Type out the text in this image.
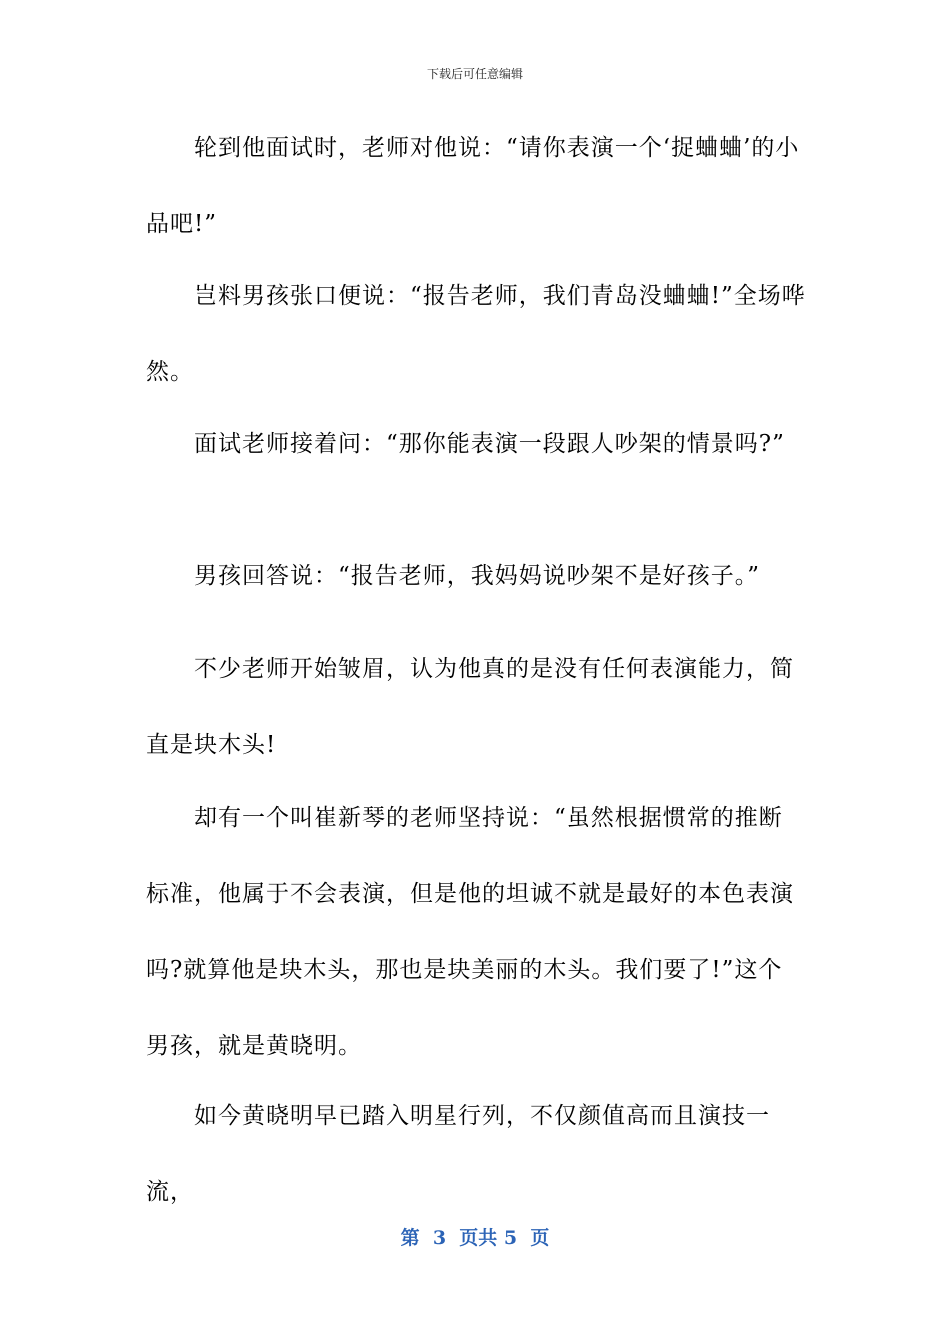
下载后可任意编辑

轮到他面试时，老师对他说：“请你表演一个‘捉蛐蛐’的小品吧!”

岂料男孩张口便说：“报告老师，我们青岛没蛐蛐!”全场哗然。

面试老师接着问：“那你能表演一段跟人吵架的情景吗?”

男孩回答说：“报告老师，我妈妈说吵架不是好孩子。”

不少老师开始皱眉，认为他真的是没有任何表演能力，简直是块木头!

却有一个叫崔新琴的老师坚持说：“虽然根据惯常的推断标准，他属于不会表演，但是他的坦诚不就是最好的本色表演吗?就算他是块木头，那也是块美丽的木头。我们要了!”这个男孩，就是黄晓明。

如今黄晓明早已踏入明星行列，不仅颜值高而且演技一流，

第  3  页共 5  页
